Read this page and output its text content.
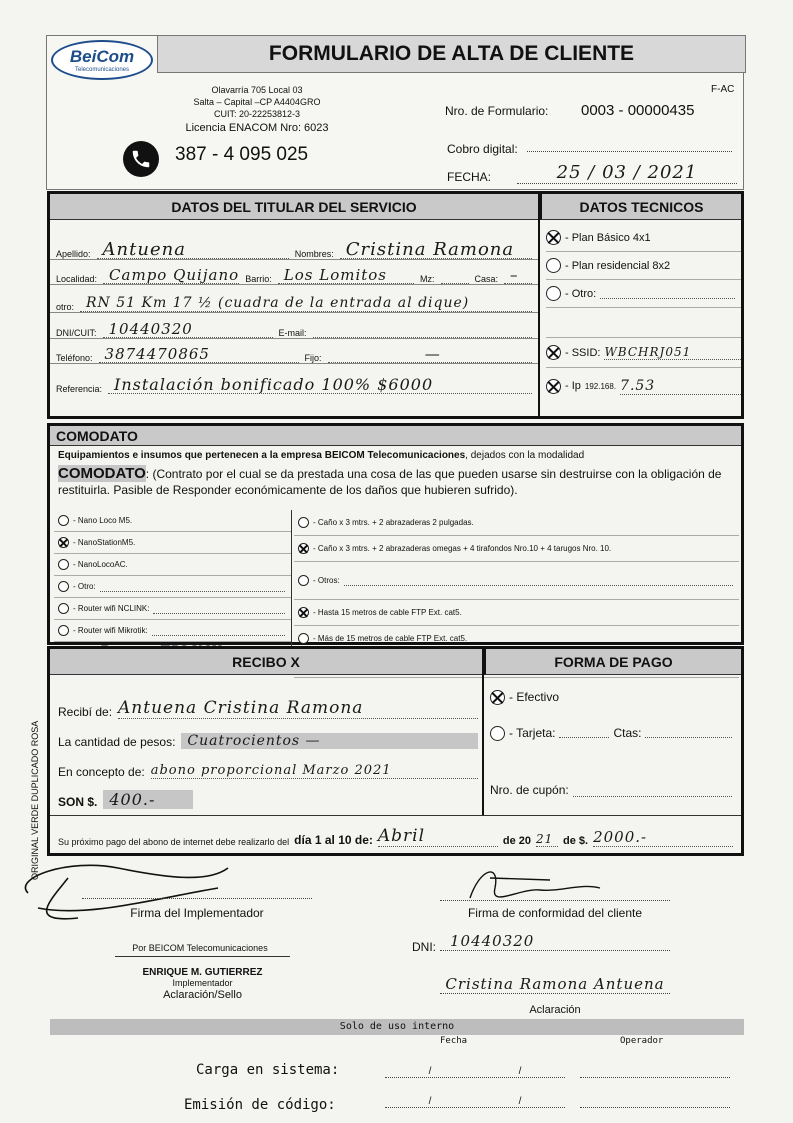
ORIGINAL VERDE DUPLICADO ROSA
BeiCom
Telecomunicaciones
FORMULARIO DE ALTA DE CLIENTE
Olavarría 705 Local 03
Salta – Capital –CP A4404GRO
CUIT: 20-22253812-3
Licencia ENACOM Nro: 6023
387 - 4 095 025
F-AC
Nro. de Formulario: 0003 - 00000435
Cobro digital:
FECHA:	25 / 03 / 2021
DATOS DEL TITULAR DEL SERVICIO	DATOS TECNICOS
Apellido: Antuena	Nombres: Cristina Ramona
Localidad: Campo Quijano Barrio: Los Lomitos	Mz:	Casa: –
otro: RN 51 Km 17 ½ (cuadra de la entrada al dique)
DNI/CUIT: 10440320	E-mail:
Teléfono: 3874470865	Fijo:	—
Referencia: Instalación bonificado 100% $6000
- Plan Básico 4x1
- Plan residencial 8x2
- Otro:
- SSID: WBCHRJ051
- Ip 192.168. 7.53
COMODATO
Equipamientos e insumos que pertenecen a la empresa BEICOM Telecomunicaciones, dejados con la modalidad
COMODATO: (Contrato por el cual se da prestada una cosa de las que pueden usarse sin destruirse con la obligación de restituirla. Pasible de Responder económicamente de los daños que hubieren sufrido).
- Nano Loco M5.
- NanoStationM5.
- NanoLocoAC.
- Otro:
- Router wifi NCLINK:
- Router wifi Mikrotik:
- Caño x 3 mtrs. + 2 abrazaderas 2 pulgadas.
- Caño x 3 mtrs. + 2 abrazaderas omegas + 4 tirafondos Nro.10 + 4 tarugos Nro. 10.
- Otros:
- Hasta 15 metros de cable FTP Ext. cat5.
- Más de 15 metros de cable FTP Ext. cat5.
RECIBO X	FORMA DE PAGO
Recibí de: Antuena Cristina Ramona
La cantidad de pesos: Cuatrocientos —
En concepto de: abono proporcional Marzo 2021
SON $. 400.-
- Efectivo
- Tarjeta:	Ctas:
Nro. de cupón:
Su próximo pago del abono de internet debe realizarlo del día 1 al 10 de: Abril	de 20 21 de $. 2000.-
Firma del Implementador
Por BEICOM Telecomunicaciones
ENRIQUE M. GUTIERREZ
Implementador
Aclaración/Sello
Firma de conformidad del cliente
DNI: 10440320
Cristina Ramona Antuena
Aclaración
Solo de uso interno
Fecha	Operador
Carga en sistema:	/	/
Emisión de código:	/	/
